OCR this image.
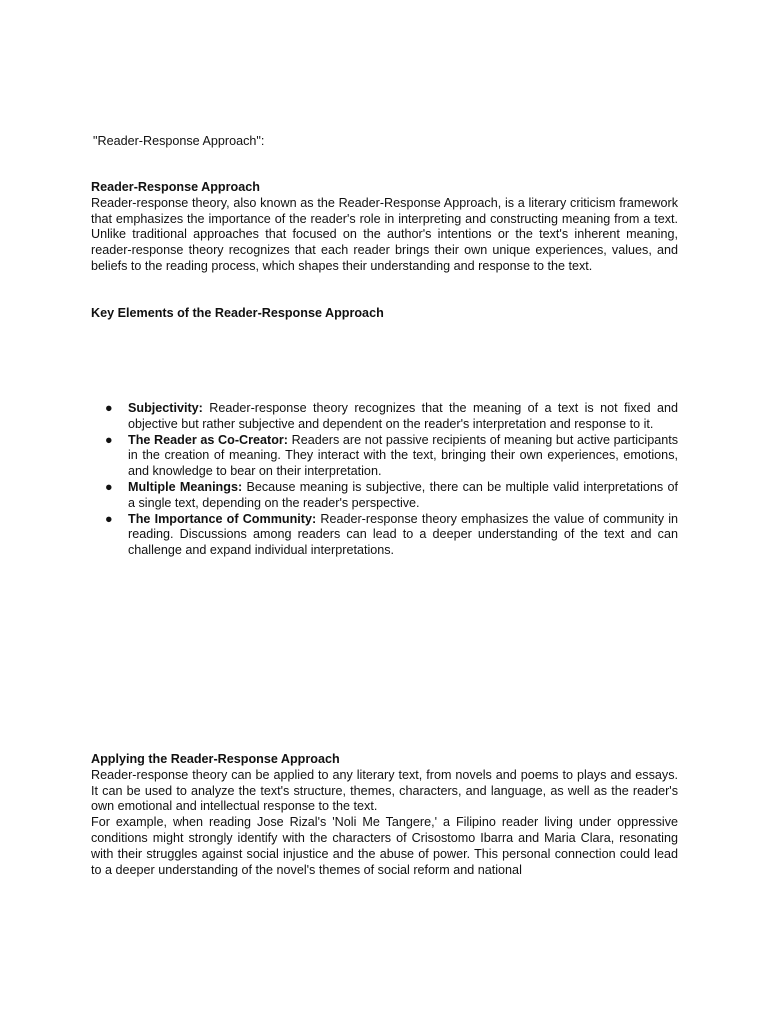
"Reader-Response Approach":
Reader-Response Approach

Reader-response theory, also known as the Reader-Response Approach, is a literary criticism framework that emphasizes the importance of the reader's role in interpreting and constructing meaning from a text. Unlike traditional approaches that focused on the author's intentions or the text's inherent meaning, reader-response theory recognizes that each reader brings their own unique experiences, values, and beliefs to the reading process, which shapes their understanding and response to the text.

Key Elements of the Reader-Response Approach
● Subjectivity: Reader-response theory recognizes that the meaning of a text is not fixed and objective but rather subjective and dependent on the reader's interpretation and response to it.
● The Reader as Co-Creator: Readers are not passive recipients of meaning but active participants in the creation of meaning. They interact with the text, bringing their own experiences, emotions, and knowledge to bear on their interpretation.
● Multiple Meanings: Because meaning is subjective, there can be multiple valid interpretations of a single text, depending on the reader's perspective.
● The Importance of Community: Reader-response theory emphasizes the value of community in reading. Discussions among readers can lead to a deeper understanding of the text and can challenge and expand individual interpretations.
Applying the Reader-Response Approach

Reader-response theory can be applied to any literary text, from novels and poems to plays and essays. It can be used to analyze the text's structure, themes, characters, and language, as well as the reader's own emotional and intellectual response to the text.

For example, when reading Jose Rizal's 'Noli Me Tangere,' a Filipino reader living under oppressive conditions might strongly identify with the characters of Crisostomo Ibarra and Maria Clara, resonating with their struggles against social injustice and the abuse of power. This personal connection could lead to a deeper understanding of the novel's themes of social reform and national
